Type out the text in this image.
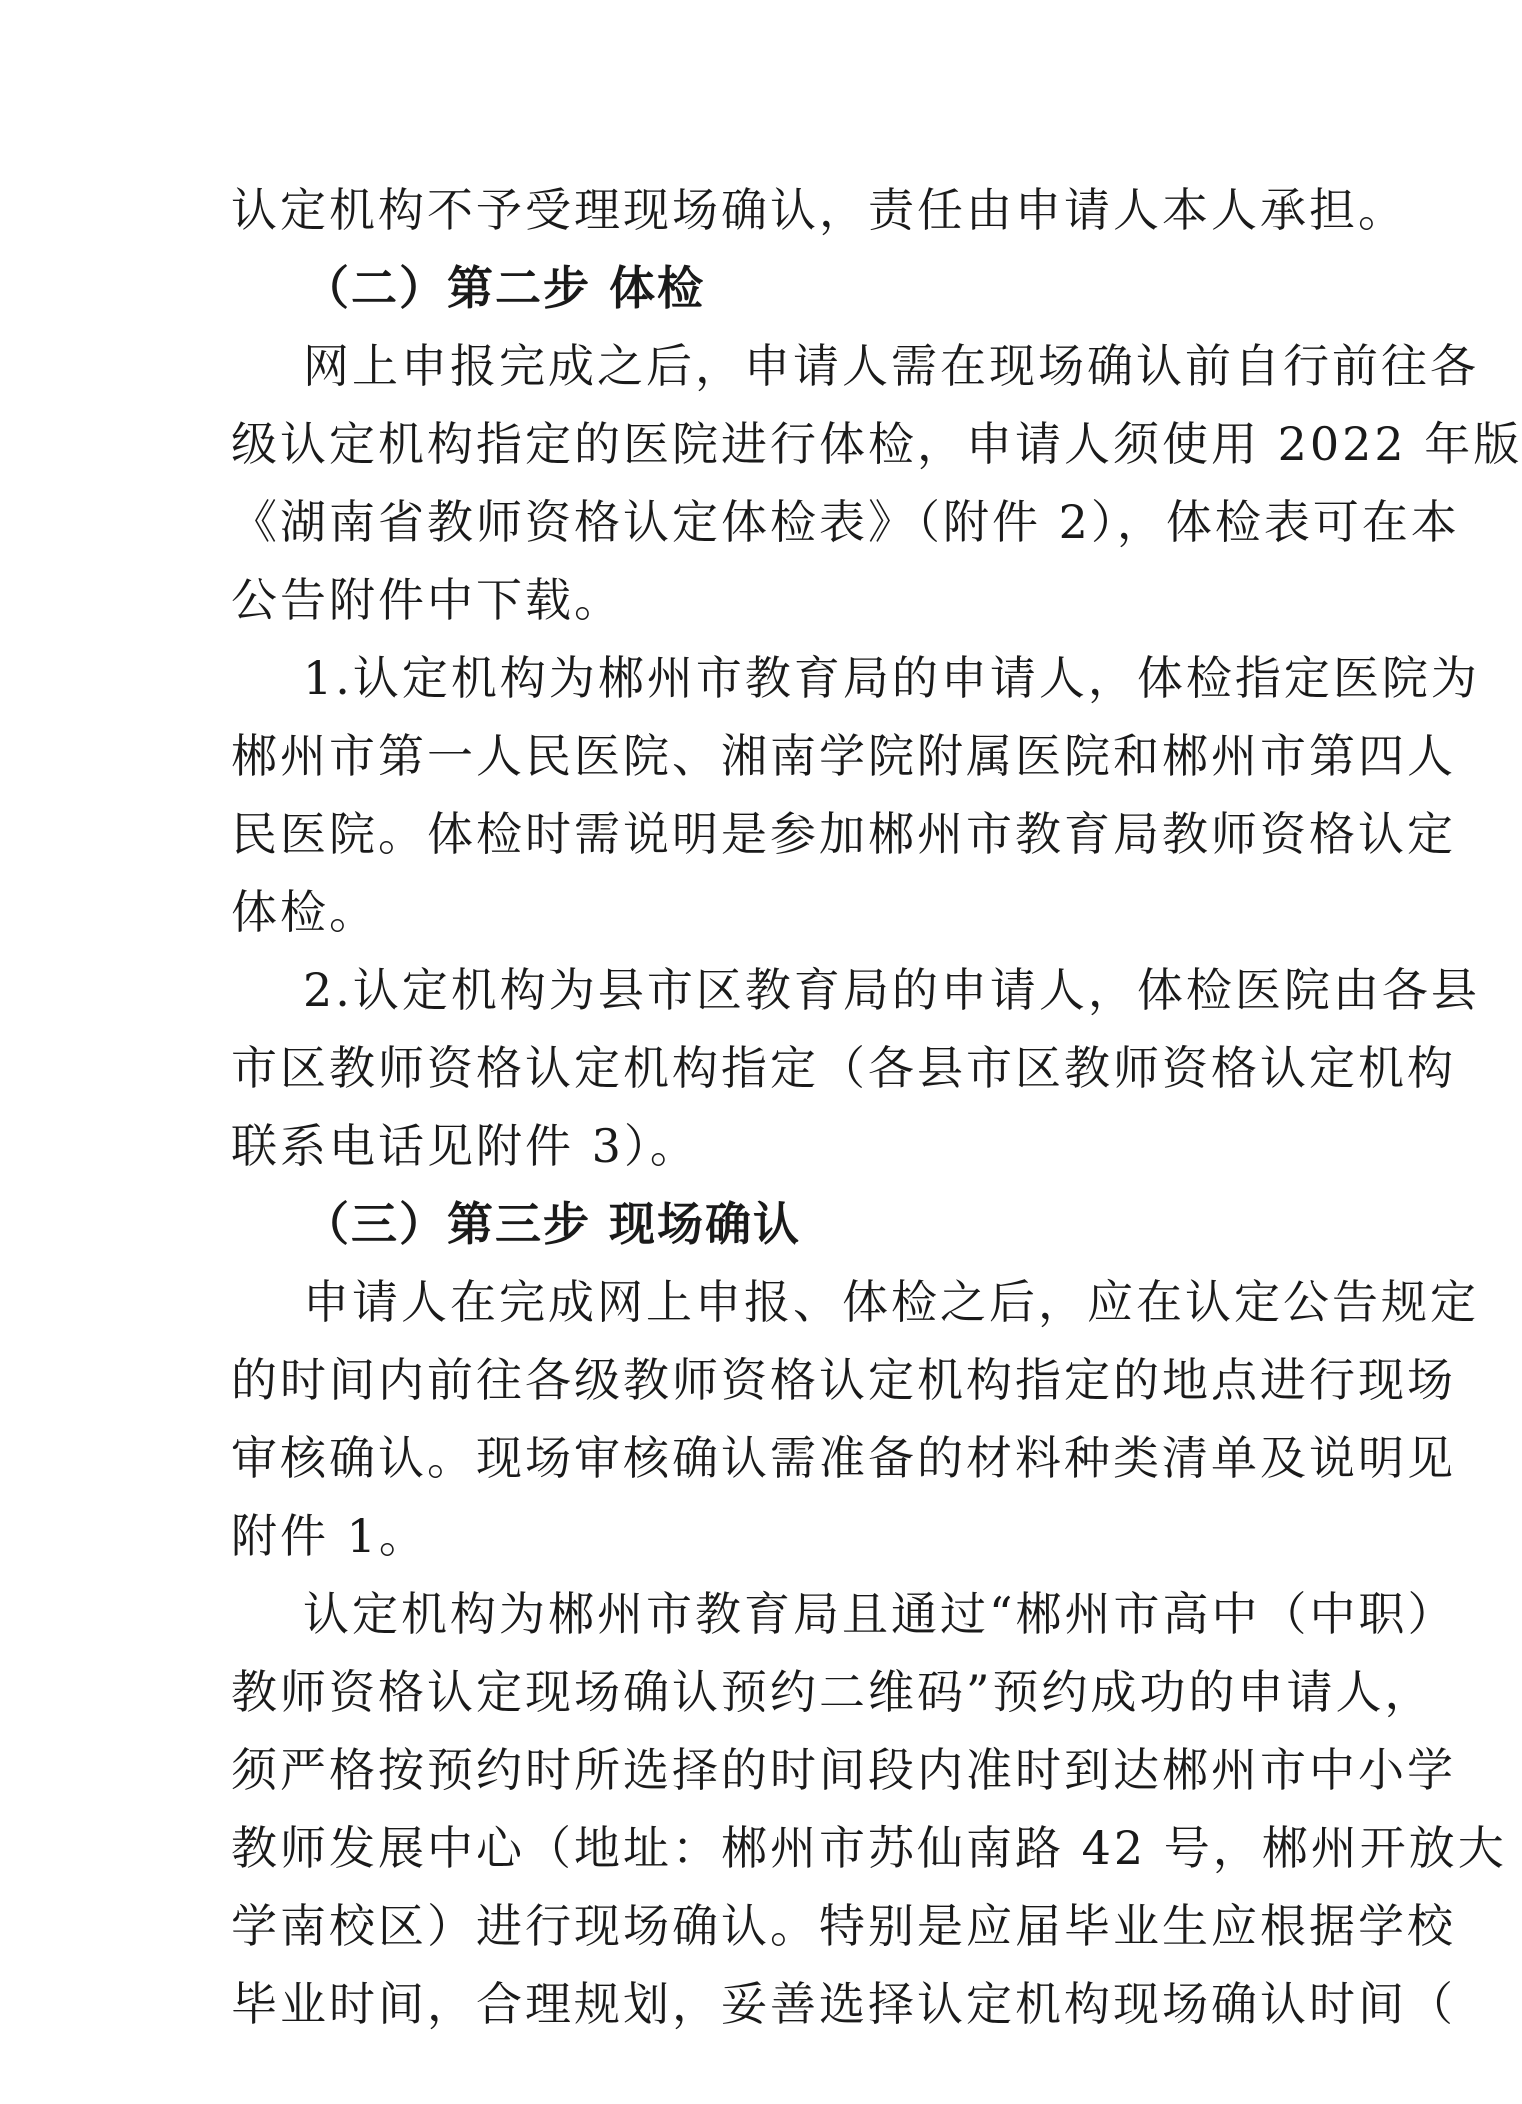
认定机构不予受理现场确认，责任由申请人本人承担。
（二）第二步 体检
网上申报完成之后，申请人需在现场确认前自行前往各
级认定机构指定的医院进行体检，申请人须使用 2022 年版
《湖南省教师资格认定体检表》（附件 2），体检表可在本
公告附件中下载。
1.认定机构为郴州市教育局的申请人，体检指定医院为
郴州市第一人民医院、湘南学院附属医院和郴州市第四人
民医院。体检时需说明是参加郴州市教育局教师资格认定
体检。
2.认定机构为县市区教育局的申请人，体检医院由各县
市区教师资格认定机构指定（各县市区教师资格认定机构
联系电话见附件 3）。
（三）第三步 现场确认
申请人在完成网上申报、体检之后，应在认定公告规定
的时间内前往各级教师资格认定机构指定的地点进行现场
审核确认。现场审核确认需准备的材料种类清单及说明见
附件 1。
认定机构为郴州市教育局且通过“郴州市高中（中职）
教师资格认定现场确认预约二维码”预约成功的申请人，
须严格按预约时所选择的时间段内准时到达郴州市中小学
教师发展中心（地址：郴州市苏仙南路 42 号，郴州开放大
学南校区）进行现场确认。特别是应届毕业生应根据学校
毕业时间，合理规划，妥善选择认定机构现场确认时间（
